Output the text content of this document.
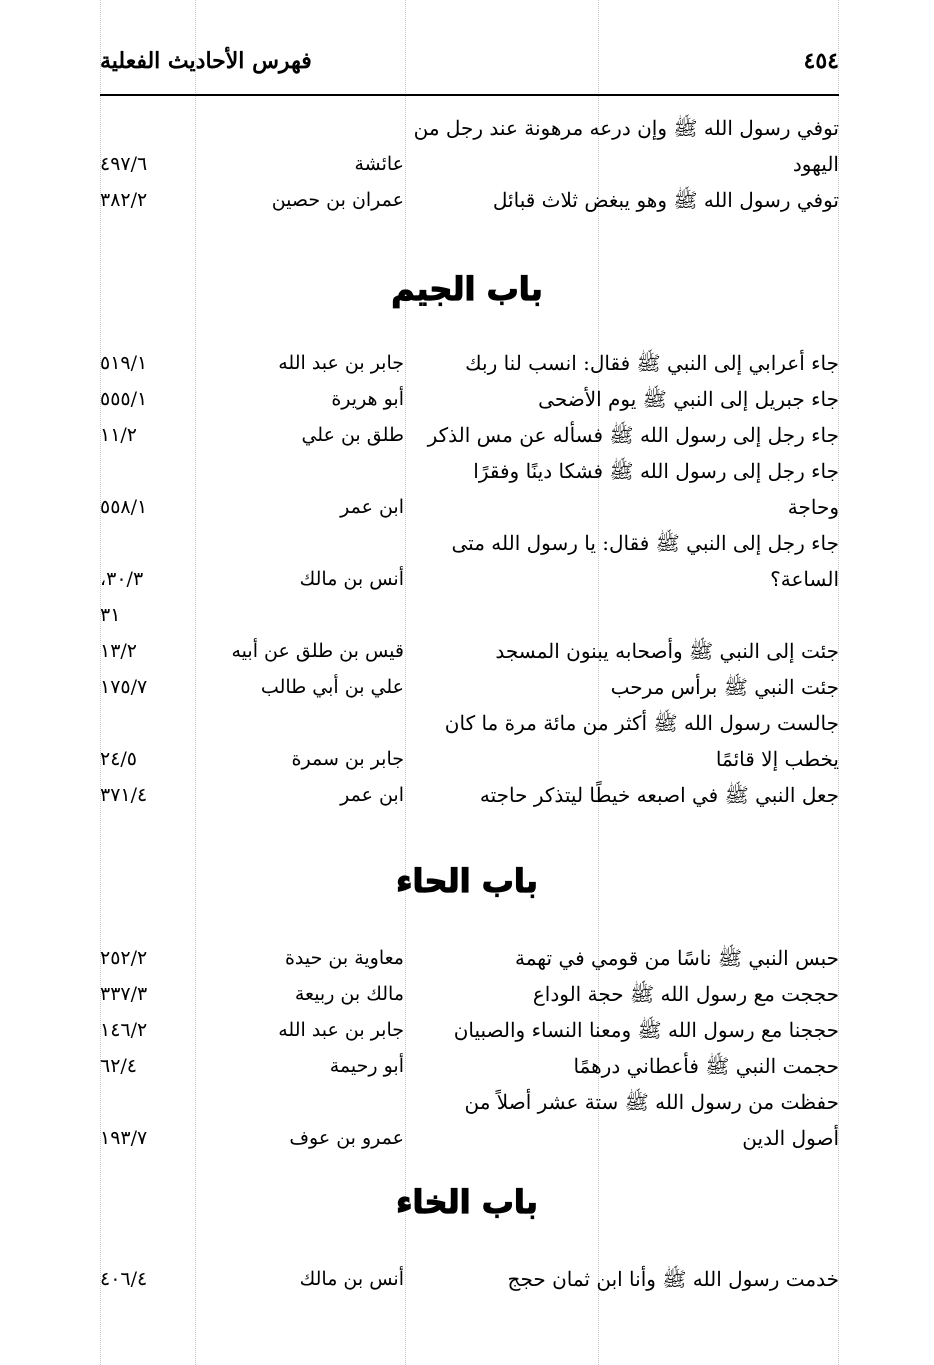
٤٥٤
فهرس الأحاديث الفعلية
توفي رسول الله ﷺ وإن درعه مرهونة عند رجل من
اليهود
عائشة
٤٩٧/٦
توفي رسول الله ﷺ وهو يبغض ثلاث قبائل
عمران بن حصين
٣٨٢/٢
باب الجيم
جاء أعرابي إلى النبي ﷺ فقال: انسب لنا ربك
جابر بن عبد الله
٥١٩/١
جاء جبريل إلى النبي ﷺ يوم الأضحى
أبو هريرة
٥٥٥/١
جاء رجل إلى رسول الله ﷺ فسأله عن مس الذكر
طلق بن علي
١١/٢
جاء رجل إلى رسول الله ﷺ فشكا دينًا وفقرًا
وحاجة
ابن عمر
٥٥٨/١
جاء رجل إلى النبي ﷺ فقال: يا رسول الله متى
الساعة؟
أنس بن مالك
٣٠/٣،
٣١
جئت إلى النبي ﷺ وأصحابه يبنون المسجد
قيس بن طلق عن أبيه
١٣/٢
جئت النبي ﷺ برأس مرحب
علي بن أبي طالب
١٧٥/٧
جالست رسول الله ﷺ أكثر من مائة مرة ما كان
يخطب إلا قائمًا
جابر بن سمرة
٢٤/٥
جعل النبي ﷺ في اصبعه خيطًا ليتذكر حاجته
ابن عمر
٣٧١/٤
باب الحاء
حبس النبي ﷺ ناسًا من قومي في تهمة
معاوية بن حيدة
٢٥٢/٢
حججت مع رسول الله ﷺ حجة الوداع
مالك بن ربيعة
٣٣٧/٣
حججنا مع رسول الله ﷺ ومعنا النساء والصبيان
جابر بن عبد الله
١٤٦/٢
حجمت النبي ﷺ فأعطاني درهمًا
أبو رحيمة
٦٢/٤
حفظت من رسول الله ﷺ ستة عشر أصلاً من
أصول الدين
عمرو بن عوف
١٩٣/٧
باب الخاء
خدمت رسول الله ﷺ وأنا ابن ثمان حجج
أنس بن مالك
٤٠٦/٤
